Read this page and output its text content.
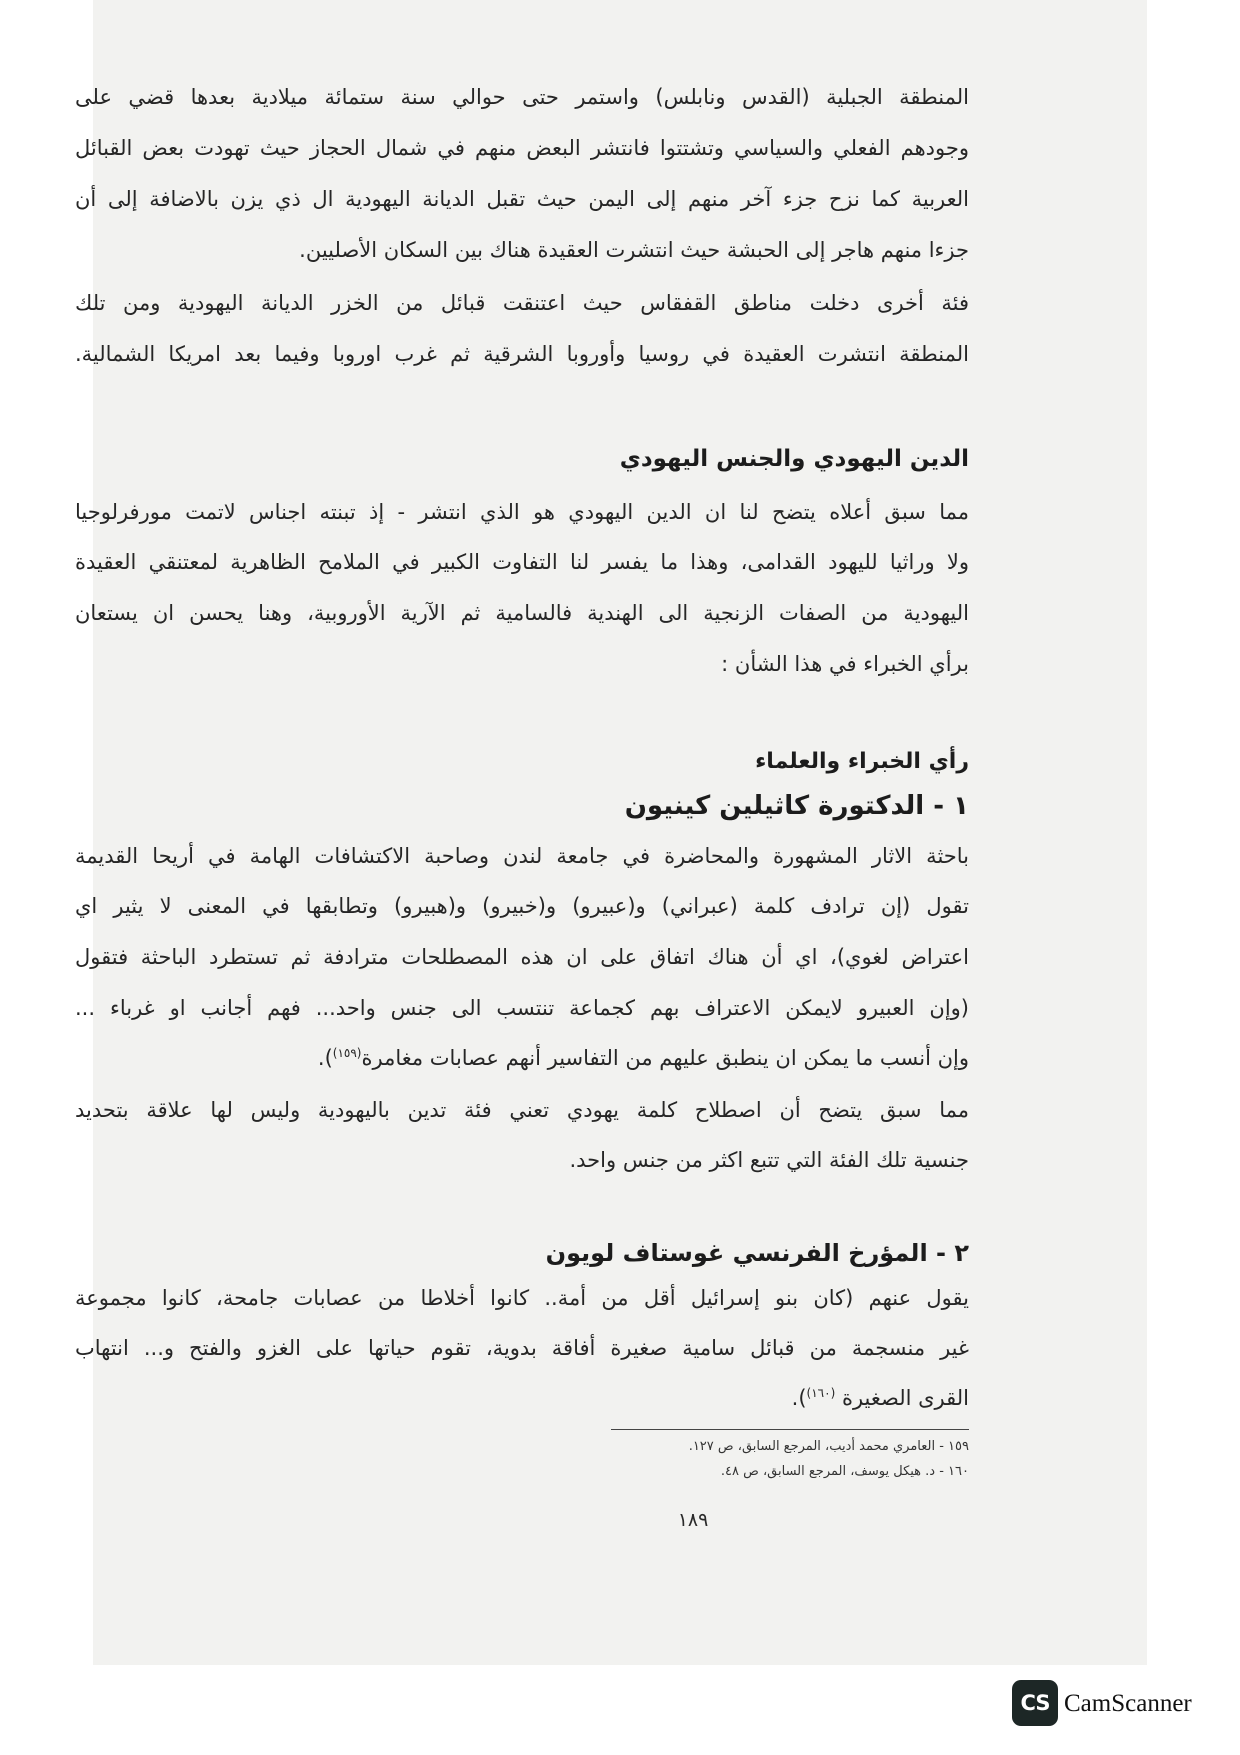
المنطقة الجبلية (القدس ونابلس) واستمر حتى حوالي سنة ستمائة ميلادية بعدها قضي على
وجودهم الفعلي والسياسي وتشتتوا فانتشر البعض منهم في شمال الحجاز حيث تهودت بعض القبائل
العربية كما نزح جزء آخر منهم إلى اليمن حيث تقبل الديانة اليهودية ال ذي يزن بالاضافة إلى أن
جزءا منهم هاجر إلى الحبشة حيث انتشرت العقيدة هناك بين السكان الأصليين.
فئة أخرى دخلت مناطق القفقاس حيث اعتنقت قبائل من الخزر الديانة اليهودية ومن تلك
المنطقة انتشرت العقيدة في روسيا وأوروبا الشرقية ثم غرب اوروبا وفيما بعد امريكا الشمالية.
الدين اليهودي والجنس اليهودي
مما سبق أعلاه يتضح لنا ان الدين اليهودي هو الذي انتشر - إذ تبنته اجناس لاتمت مورفرلوجيا
ولا وراثيا لليهود القدامى، وهذا ما يفسر لنا التفاوت الكبير في الملامح الظاهرية لمعتنقي العقيدة
اليهودية من الصفات الزنجية الى الهندية فالسامية ثم الآرية الأوروبية، وهنا يحسن ان يستعان
برأي الخبراء في هذا الشأن :
رأي الخبراء والعلماء
١ - الدكتورة كاثيلين كينيون
باحثة الاثار المشهورة والمحاضرة في جامعة لندن وصاحبة الاكتشافات الهامة في أريحا القديمة
تقول (إن ترادف كلمة (عبراني) و(عبيرو) و(خبيرو) و(هبيرو) وتطابقها في المعنى لا يثير اي
اعتراض لغوي)، اي أن هناك اتفاق على ان هذه المصطلحات مترادفة ثم تستطرد الباحثة فتقول
(وإن العبيرو لايمكن الاعتراف بهم كجماعة تنتسب الى جنس واحد... فهم أجانب او غرباء ...
وإن أنسب ما يمكن ان ينطبق عليهم من التفاسير أنهم عصابات مغامرة$^{(١٥٩)}$).
مما سبق يتضح أن اصطلاح كلمة يهودي تعني فئة تدين باليهودية وليس لها علاقة بتحديد
جنسية تلك الفئة التي تتبع اكثر من جنس واحد.
٢ - المؤرخ الفرنسي غوستاف لويون
يقول عنهم (كان بنو إسرائيل أقل من أمة.. كانوا أخلاطا من عصابات جامحة، كانوا مجموعة
غير منسجمة من قبائل سامية صغيرة أفاقة بدوية، تقوم حياتها على الغزو والفتح و... انتهاب
القرى الصغيرة $^{(١٦٠)}$).
١٥٩ - العامري محمد أديب، المرجع السابق، ص ١٢٧.
١٦٠ - د. هيكل يوسف، المرجع السابق، ص ٤٨.
١٨٩
CS CamScanner
